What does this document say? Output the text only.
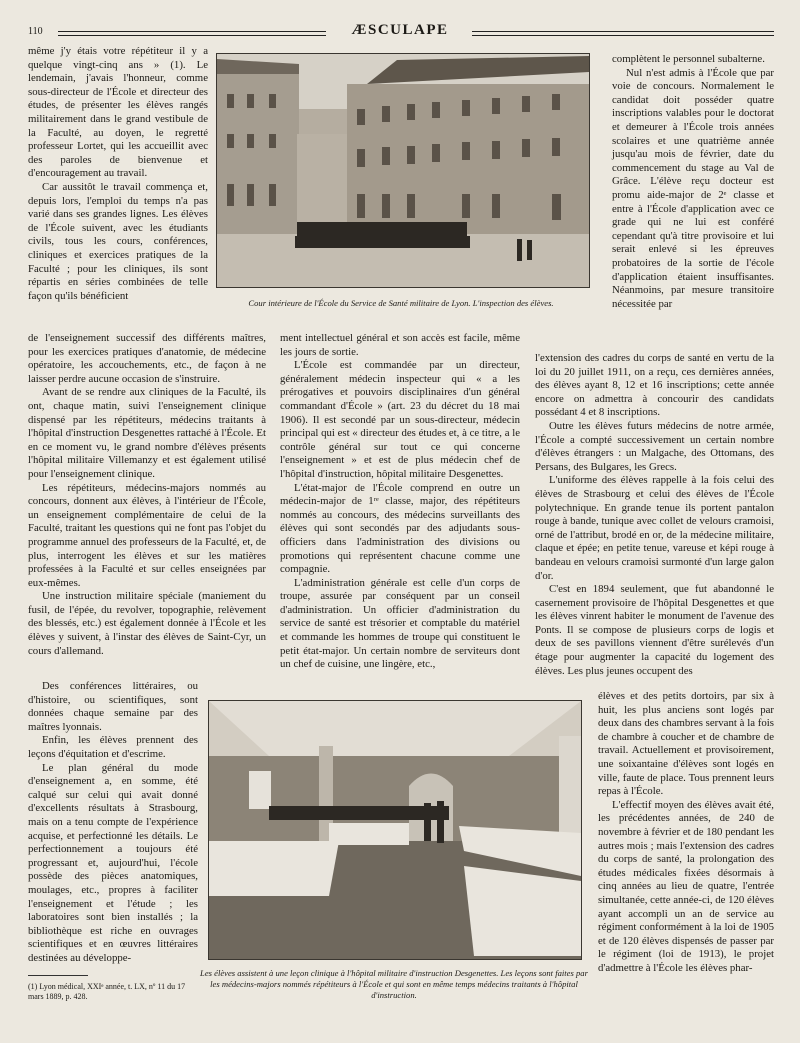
110	ÆSCULAPE
Cour intérieure de l'École du Service de Santé militaire de Lyon. L'inspection des élèves.

même j'y étais votre répétiteur il y a quelque vingt-cinq ans » (1). Le lendemain, j'avais l'honneur, comme sous-directeur de l'École et directeur des études, de présenter les élèves rangés militairement dans le grand vestibule de la Faculté, au doyen, le regretté professeur Lortet, qui les accueillit avec des paroles de bienvenue et d'encouragement au travail.

Car aussitôt le travail commença et, depuis lors, l'emploi du temps n'a pas varié dans ses grandes lignes. Les élèves de l'École suivent, avec les étudiants civils, tous les cours, conférences, cliniques et exercices pratiques de la Faculté ; pour les cliniques, ils sont répartis en séries combinées de telle façon qu'ils bénéficient

de l'enseignement successif des différents maîtres, pour les exercices pratiques d'anatomie, de médecine opératoire, les accouchements, etc., de façon à ne laisser perdre aucune occasion de s'instruire.

Avant de se rendre aux cliniques de la Faculté, ils ont, chaque matin, suivi l'enseignement clinique dispensé par les répétiteurs, médecins traitants à l'hôpital d'instruction Desgenettes rattaché à l'École. Et en ce moment vu, le grand nombre d'élèves présents l'hôpital militaire Villemanzy et est également utilisé pour l'enseignement clinique.

Les répétiteurs, médecins-majors nommés au concours, donnent aux élèves, à l'intérieur de l'École, un enseignement complémentaire de celui de la Faculté, traitant les questions qui ne font pas l'objet du programme annuel des professeurs de la Faculté, et, de plus, interrogent les élèves et sur les matières professées à la Faculté et sur celles enseignées par eux-mêmes.

Une instruction militaire spéciale (maniement du fusil, de l'épée, du revolver, topographie, relèvement des blessés, etc.) est également donnée à l'École et les élèves y suivent, à l'instar des élèves de Saint-Cyr, un cours d'allemand.

Des conférences littéraires, ou d'histoire, ou scientifiques, sont données chaque semaine par des maîtres lyonnais.

Enfin, les élèves prennent des leçons d'équitation et d'escrime.

Le plan général du mode d'enseignement a, en somme, été calqué sur celui qui avait donné d'excellents résultats à Strasbourg, mais on a tenu compte de l'expérience acquise, et perfectionné les détails. Le perfectionnement a toujours été progressant et, aujourd'hui, l'école possède des pièces anatomiques, moulages, etc., propres à faciliter l'enseignement et l'étude ; les laboratoires sont bien installés ; la bibliothèque est riche en ouvrages scientifiques et en œuvres littéraires destinées au développe-

(1) Lyon médical, XXIᵉ année, t. LX, nº 11 du 17 mars 1889, p. 428.

ment intellectuel général et son accès est facile, même les jours de sortie.

L'École est commandée par un directeur, généralement médecin inspecteur qui « a les prérogatives et pouvoirs disciplinaires d'un général commandant d'École » (art. 23 du décret du 18 mai 1906). Il est secondé par un sous-directeur, médecin principal qui est « directeur des études et, à ce titre, a le contrôle général sur tout ce qui concerne l'enseignement » et est de plus médecin chef de l'hôpital d'instruction, hôpital militaire Desgenettes.

L'état-major de l'École comprend en outre un médecin-major de 1ʳᵉ classe, major, des répétiteurs nommés au concours, des médecins surveillants des élèves qui sont secondés par des adjudants sous-officiers dans l'administration des divisions ou promotions qui représentent chacune comme une compagnie.

L'administration générale est celle d'un corps de troupe, assurée par conséquent par un conseil d'administration. Un officier d'administration du service de santé est trésorier et comptable du matériel et commande les hommes de troupe qui constituent le petit état-major. Un certain nombre de serviteurs dont un chef de cuisine, une lingère, etc.,

complètent le personnel subalterne.

Nul n'est admis à l'École que par voie de concours. Normalement le candidat doit posséder quatre inscriptions valables pour le doctorat et demeurer à l'École trois années scolaires et une quatrième année jusqu'au mois de février, date du commencement du stage au Val de Grâce. L'élève reçu docteur est promu aide-major de 2ᵉ classe et entre à l'École d'application avec ce grade qui ne lui est conféré cependant qu'à titre provisoire et lui serait enlevé si les épreuves probatoires de la sortie de l'école d'application étaient insuffisantes. Néanmoins, par mesure transitoire nécessitée par

l'extension des cadres du corps de santé en vertu de la loi du 20 juillet 1911, on a reçu, ces dernières années, des élèves ayant 8, 12 et 16 inscriptions; cette année encore on admettra à concourir des candidats possédant 4 et 8 inscriptions.

Outre les élèves futurs médecins de notre armée, l'École a compté successivement un certain nombre d'élèves étrangers : un Malgache, des Ottomans, des Persans, des Bulgares, les Grecs.

L'uniforme des élèves rappelle à la fois celui des élèves de Strasbourg et celui des élèves de l'École polytechnique. En grande tenue ils portent pantalon rouge à bande, tunique avec collet de velours cramoisi, orné de l'attribut, brodé en or, de la médecine militaire, claque et épée; en petite tenue, vareuse et képi rouge à bandeau en velours cramoisi surmonté d'un large galon d'or.

C'est en 1894 seulement, que fut abandonné le casernement provisoire de l'hôpital Desgenettes et que les élèves vinrent habiter le monument de l'avenue des Ponts. Il se compose de plusieurs corps de logis et deux de ses pavillons viennent d'être surélevés d'un étage pour augmenter la capacité du logement des élèves. Les plus jeunes occupent des

Les élèves assistent à une leçon clinique à l'hôpital militaire d'instruction Desgenettes. Les leçons sont faites par les médecins-majors nommés répétiteurs à l'École et qui sont en même temps médecins traitants à l'hôpital d'instruction.

élèves et des petits dortoirs, par six à huit, les plus anciens sont logés par deux dans des chambres servant à la fois de chambre à coucher et de chambre de travail. Actuellement et provisoirement, une soixantaine d'élèves sont logés en ville, faute de place. Tous prennent leurs repas à l'École.

L'effectif moyen des élèves avait été, les précédentes années, de 240 de novembre à février et de 180 pendant les autres mois ; mais l'extension des cadres du corps de santé, la prolongation des études médicales fixées désormais à cinq années au lieu de quatre, l'entrée simultanée, cette année-ci, de 120 élèves ayant accompli un an de service au régiment conformément à la loi de 1905 et de 120 élèves dispensés de passer par le régiment (loi de 1913), le projet d'admettre à l'École les élèves phar-
